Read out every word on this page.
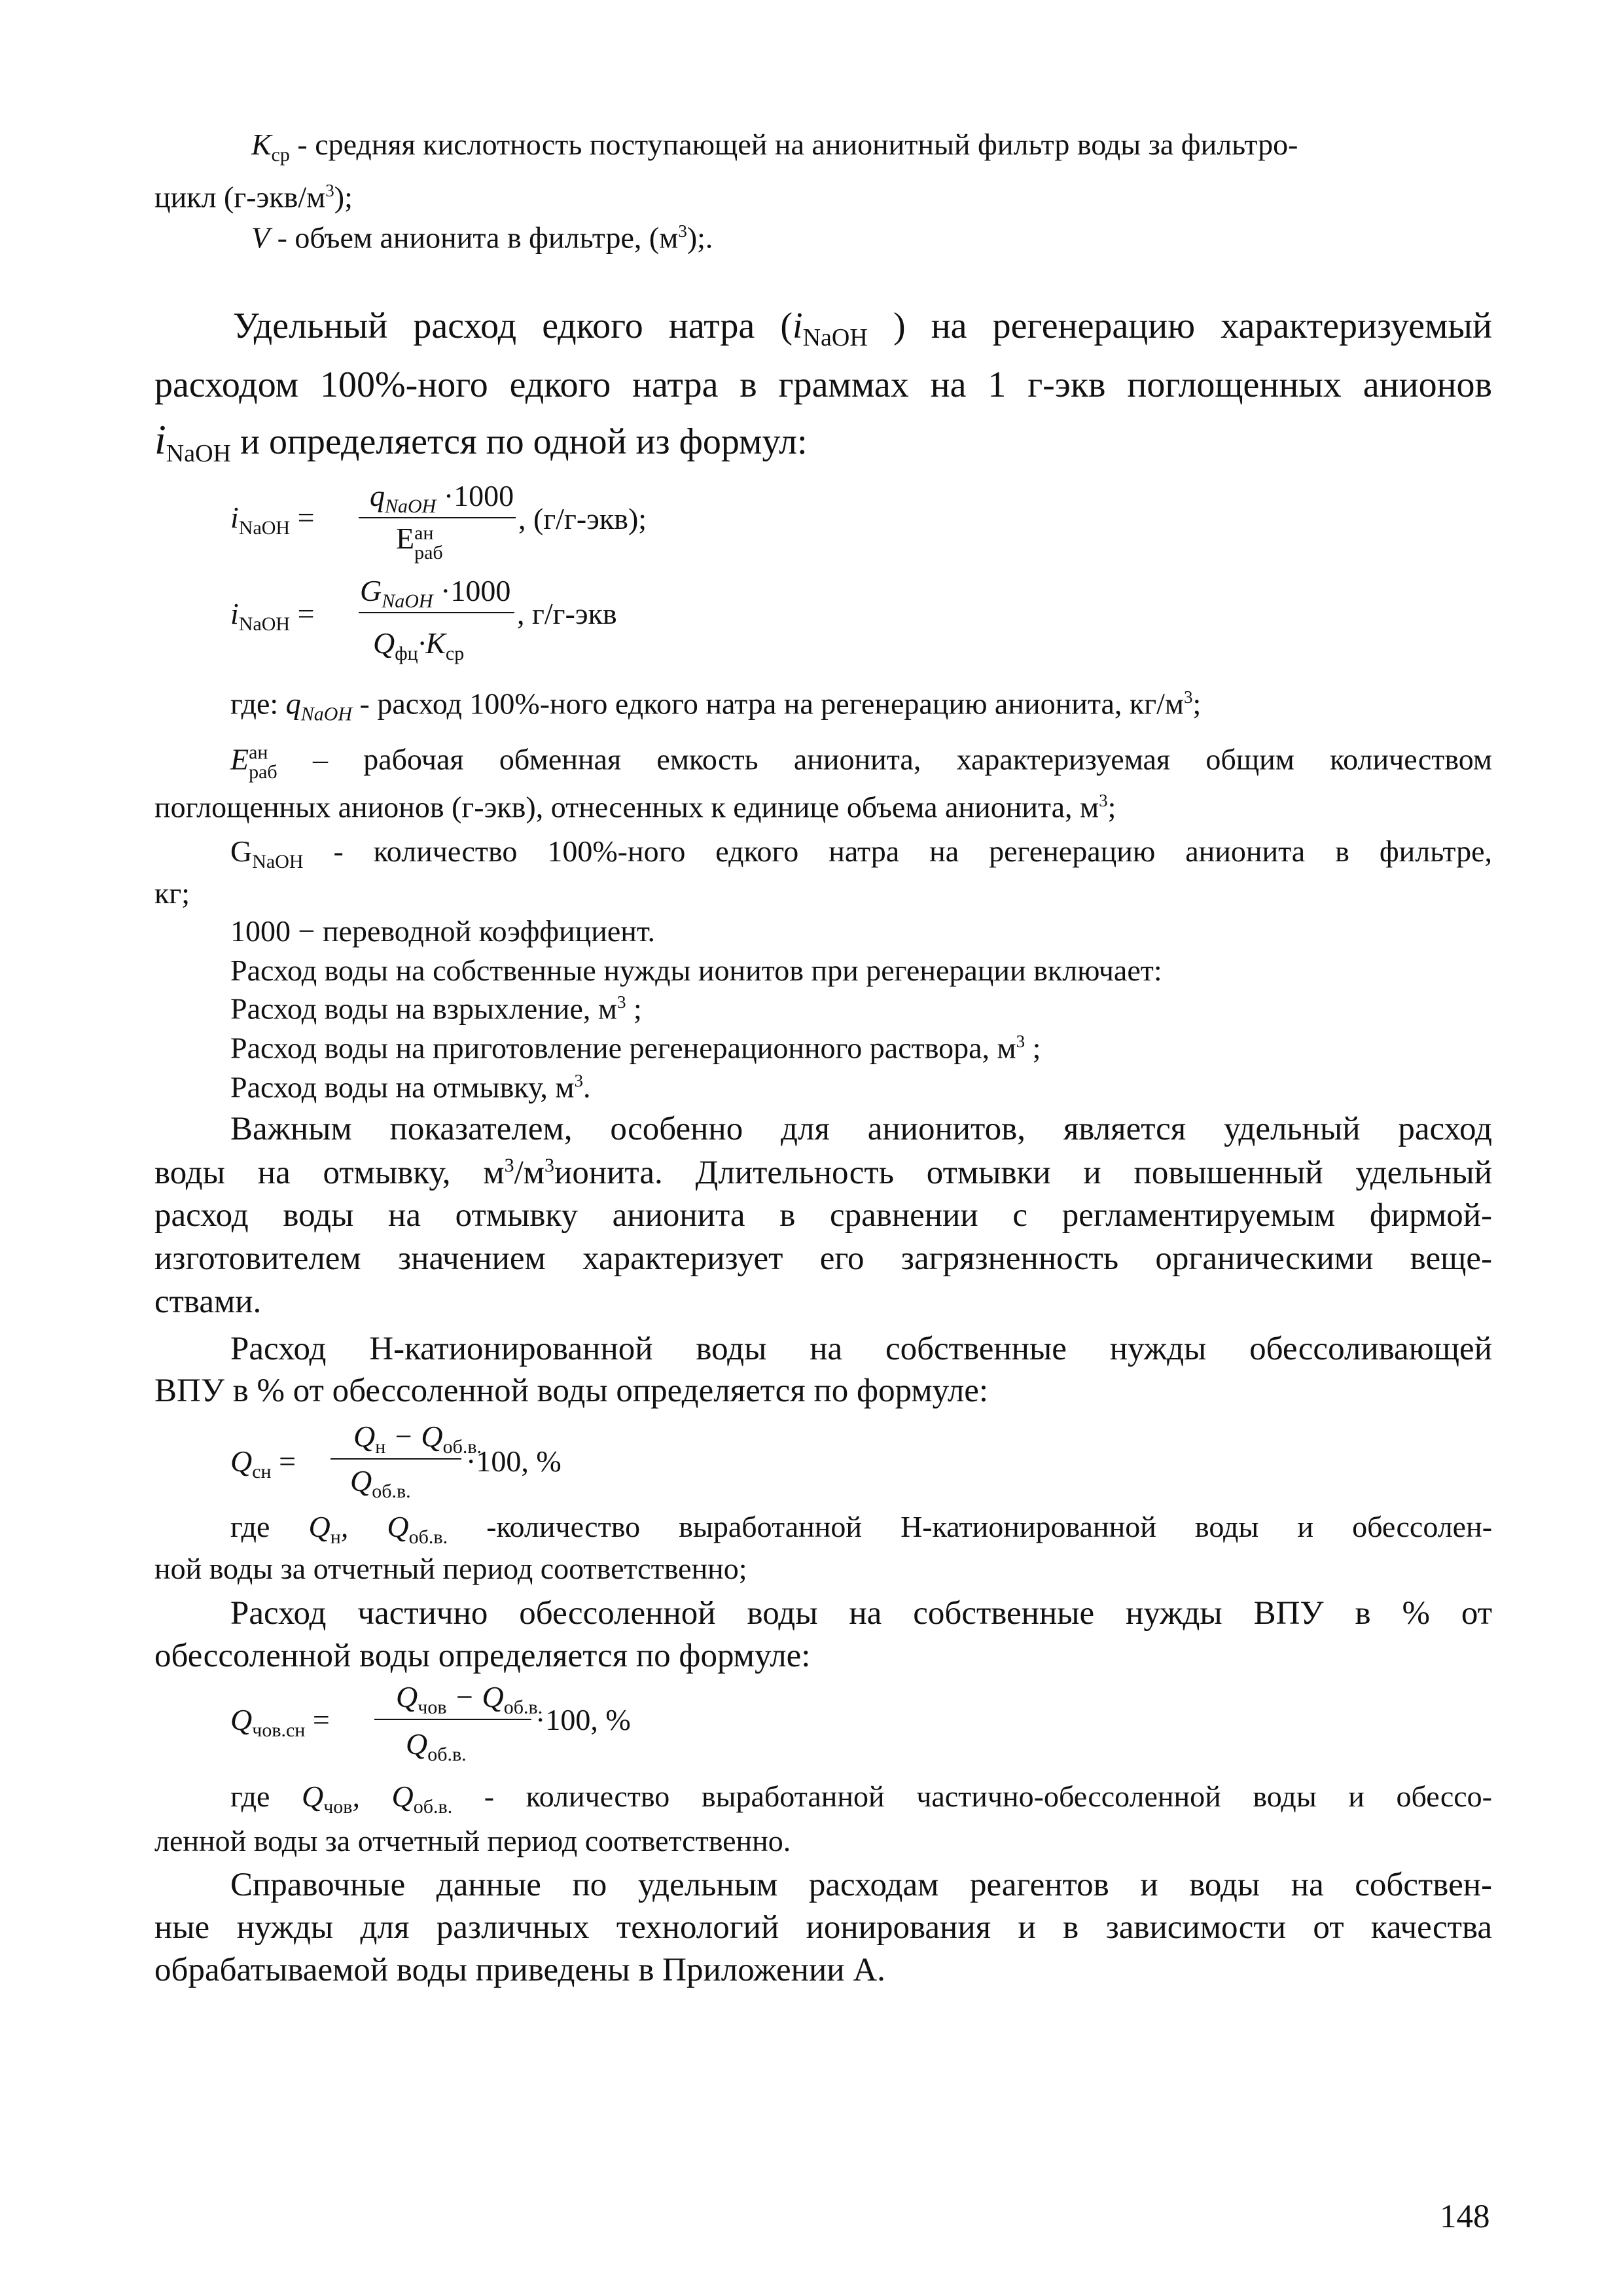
$К_{ср}$ - средняя кислотность поступающей на анионитный фильтр воды за фильтро-
цикл $(г-экв/м^3)$;
V - объем анионита в фильтре, $(м^3)$;.
Удельный расход едкого натра ($i_{NaOH}$ ) на регенерацию характеризуемый
расходом 100%-ного едкого натра в граммах на 1 г-экв поглощенных анионов
$i_{NaOH}$ и определяется по одной из формул:
$i_{NaOH}$ =
$q_{NaOH} \cdot 1000$
Е ан
раб
, (г/г-экв);
$i_{NaOH}$ =
$G_{NaOH} \cdot 1000$
$Q_{фц}\cdot K_{ср}$
, г/г-экв
где: $q_{NaOH}$ - расход 100%-ного едкого натра на регенерацию анионита, $кг/м^3$;
E ан
раб – рабочая обменная емкость анионита, характеризуемая общим количеством
поглощенных анионов (г-экв), отнесенных к единице объема анионита, $м^3$;
$G_{NaOH}$ - количество 100%-ного едкого натра на регенерацию анионита в фильтре,
кг;
1000 − переводной коэффициент.
Расход воды на собственные нужды ионитов при регенерации включает:
Расход воды на взрыхление, $м^3$ ;
Расход воды на приготовление регенерационного раствора, $м^3$ ;
Расход воды на отмывку, $м^3$.
Важным показателем, особенно для анионитов, является удельный расход
воды на отмывку, $м^3/м^3ионита$. Длительность отмывки и повышенный удельный
расход воды на отмывку анионита в сравнении с регламентируемым фирмой-
изготовителем значением характеризует его загрязненность органическими веще-
ствами.
Расход Н-катионированной воды на собственные нужды обессоливающей
ВПУ в % от обессоленной воды определяется по формуле:
$Q_{сн}$ =
$Q_н - Q_{об.в.}$
$Q_{об.в.}$
·100, %
где $Q_н$, $Q_{об.в.}$ -количество выработанной Н-катионированной воды и обессолен-
ной воды за отчетный период соответственно;
Расход частично обессоленной воды на собственные нужды ВПУ в % от
обессоленной воды определяется по формуле:
$Q_{чов.сн}$ =
$Q_{чов} - Q_{об.в.}$
$Q_{об.в.}$
·100, %
где $Q_{чов}$, $Q_{об.в.}$ - количество выработанной частично-обессоленной воды и обессо-
ленной воды за отчетный период соответственно.
Справочные данные по удельным расходам реагентов и воды на собствен-
ные нужды для различных технологий ионирования и в зависимости от качества
обрабатываемой воды приведены в Приложении А.
148
